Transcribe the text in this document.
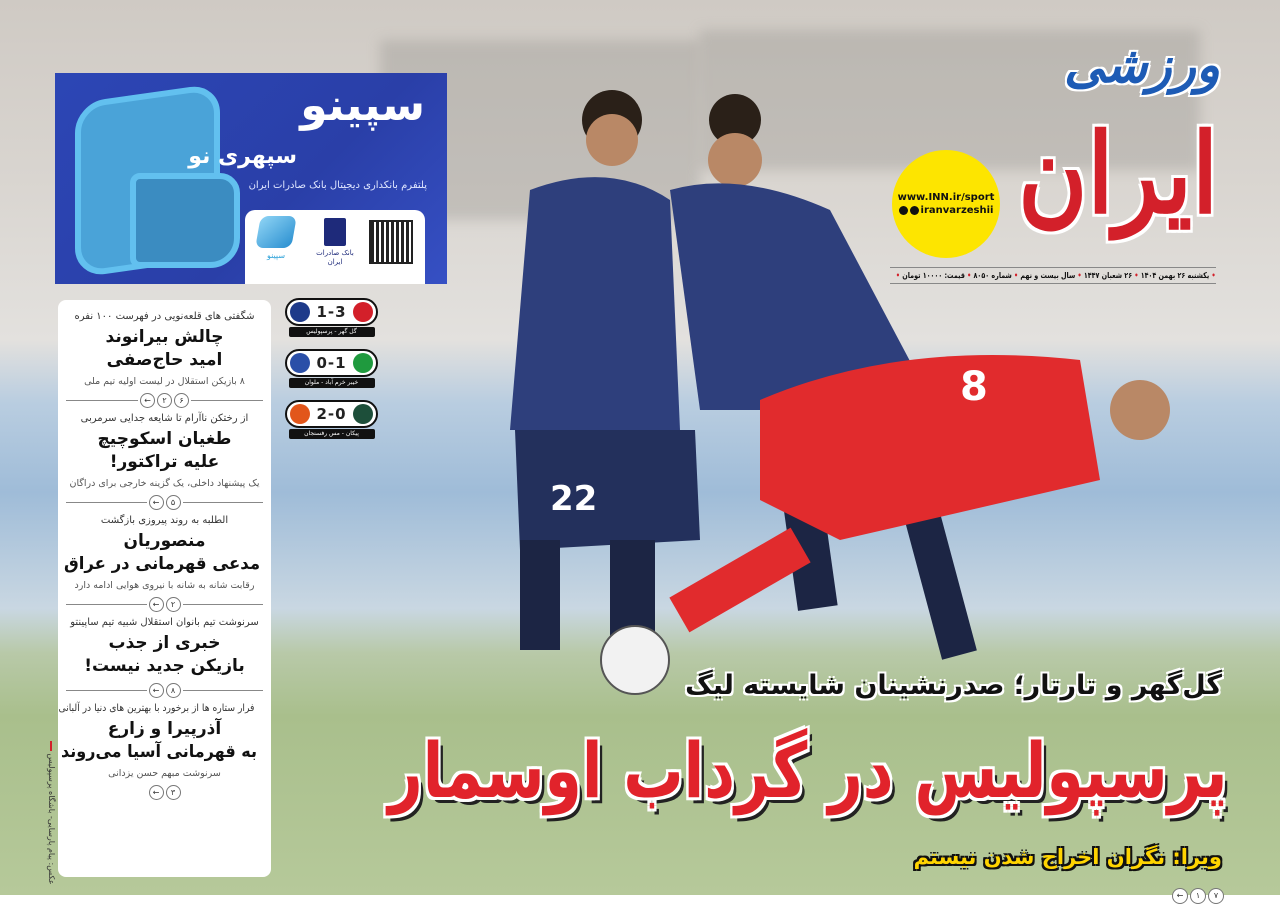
22
8
سپینو
سپهری نو
پلتفرم بانکداری دیجیتال بانک صادرات ایران
بانک صادرات ایران
سپینو
ورزشی
ایران
www.INN.ir/sport
iranvarzeshii
• یکشنبه ۲۶ بهمن ۱۴۰۴ • ۲۶ شعبان ۱۴۴۷ • سال بیست و نهم • شماره ۸۰۵۰ • قیمت: ۱۰۰۰۰ تومان •
1-3
گل گهر - پرسپولیس
0-1
خیبر خرم آباد - ملوان
2-0
پیکان - مس رفسنجان
شگفتی های قلعه‌نویی در فهرست ۱۰۰ نفره
چالش بیرانوند
امید حاج‌صفی
۸ بازیکن استقلال در لیست اولیه تیم ملی
←	۲	۶
از رختکن ناآرام تا شایعه جدایی سرمربی
طغیان اسکوچیچ
علیه تراکتور!
یک پیشنهاد داخلی، یک گزینه خارجی برای دراگان
←	۵
الطلبه به روند پیروزی بازگشت
منصوریان
مدعی قهرمانی در عراق
رقابت شانه به شانه با نیروی هوایی ادامه دارد
←	۲
سرنوشت تیم بانوان استقلال شبیه تیم ساپینتو
خبری از جذب
بازیکن جدید نیست!
←	۸
فرار ستاره ها از برخورد با بهترین های دنیا در آلبانی
آذرپیرا و زارع
به قهرمانی آسیا می‌روند
سرنوشت مبهم حسن یزدانی
←	۳
عکس: پیام پارسایی- باشگاه پرسپولیس
گل‌گهر و تارتار؛ صدرنشینان شایسته لیگ
پرسپولیس در گرداب اوسمار
ویرا: نگران اخراج شدن نیستم
←	۱	۷
